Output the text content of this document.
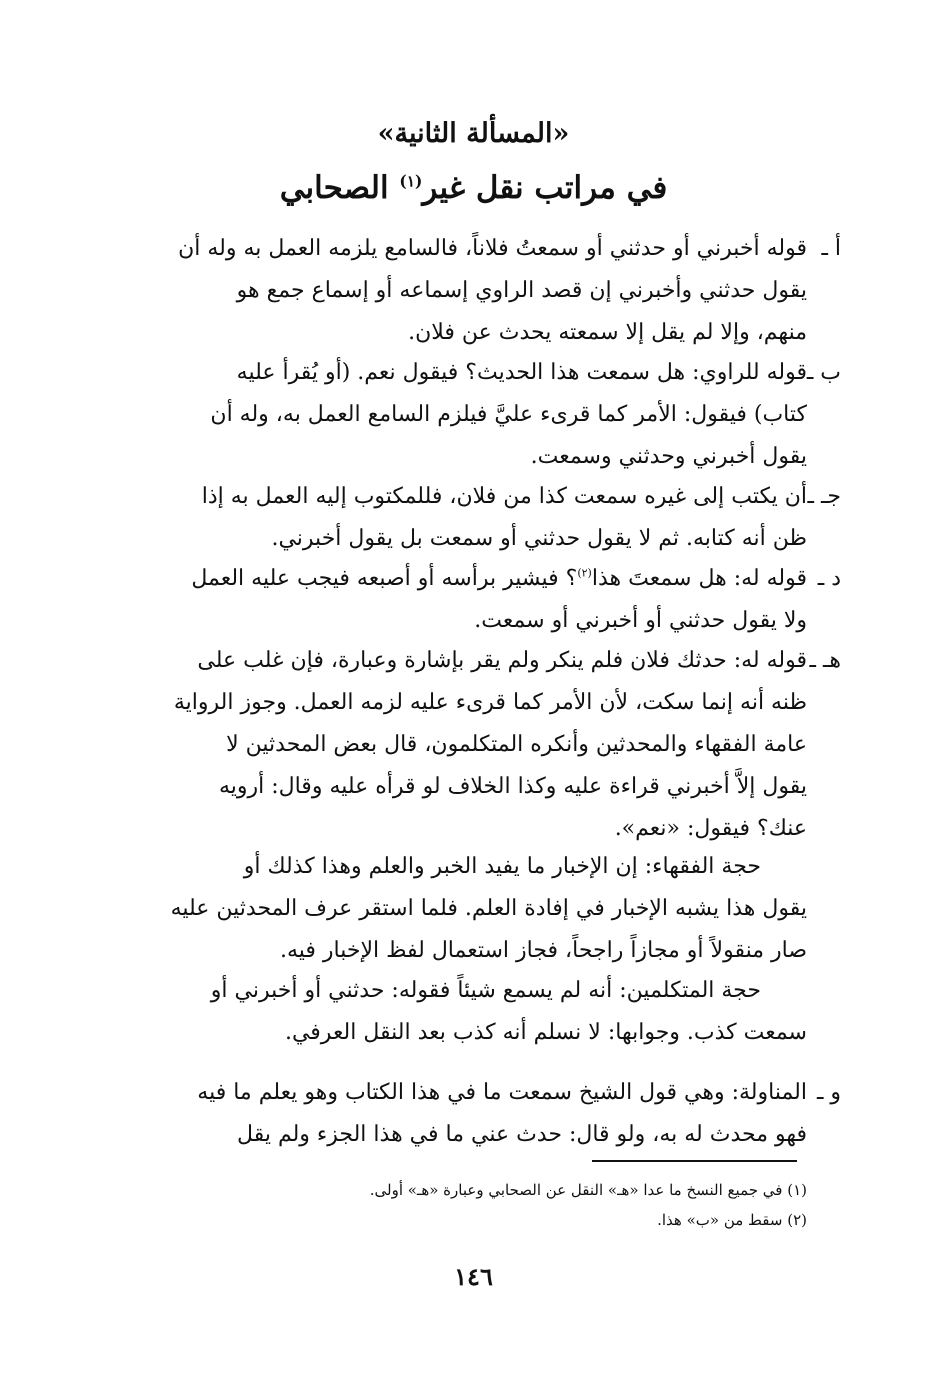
«المسألة الثانية»
في مراتب نقل غير$^{(١)}$ الصحابي
أ ـ
قوله أخبرني أو حدثني أو سمعتُ فلاناً، فالسامع يلزمه العمل به وله أن
يقول حدثني وأخبرني إن قصد الراوي إسماعه أو إسماع جمع هو
منهم، وإلا لم يقل إلا سمعته يحدث عن فلان.
ب ـ
قوله للراوي: هل سمعت هذا الحديث؟ فيقول نعم. (أو يُقرأ عليه
كتاب) فيقول: الأمر كما قرىء عليَّ فيلزم السامع العمل به، وله أن
يقول أخبرني وحدثني وسمعت.
جـ ـ
أن يكتب إلى غيره سمعت كذا من فلان، فللمكتوب إليه العمل به إذا
ظن أنه كتابه. ثم لا يقول حدثني أو سمعت بل يقول أخبرني.
د ـ
قوله له: هل سمعتَ هذا$^{(٢)}$؟ فيشير برأسه أو أصبعه فيجب عليه العمل
ولا يقول حدثني أو أخبرني أو سمعت.
هـ ـ
قوله له: حدثك فلان فلم ينكر ولم يقر بإشارة وعبارة، فإن غلب على
ظنه أنه إنما سكت، لأن الأمر كما قرىء عليه لزمه العمل. وجوز الرواية
عامة الفقهاء والمحدثين وأنكره المتكلمون، قال بعض المحدثين لا
يقول إلاَّ أخبرني قراءة عليه وكذا الخلاف لو قرأه عليه وقال: أرويه
عنك؟ فيقول: «نعم».
حجة الفقهاء: إن الإخبار ما يفيد الخبر والعلم وهذا كذلك أو
يقول هذا يشبه الإخبار في إفادة العلم. فلما استقر عرف المحدثين عليه
صار منقولاً أو مجازاً راجحاً، فجاز استعمال لفظ الإخبار فيه.
حجة المتكلمين: أنه لم يسمع شيئاً فقوله: حدثني أو أخبرني أو
سمعت كذب. وجوابها: لا نسلم أنه كذب بعد النقل العرفي.
و ـ
المناولة: وهي قول الشيخ سمعت ما في هذا الكتاب وهو يعلم ما فيه
فهو محدث له به، ولو قال: حدث عني ما في هذا الجزء ولم يقل
(١) في جميع النسخ ما عدا «هـ» النقل عن الصحابي وعبارة «هـ» أولى.
(٢) سقط من «ب» هذا.
١٤٦
